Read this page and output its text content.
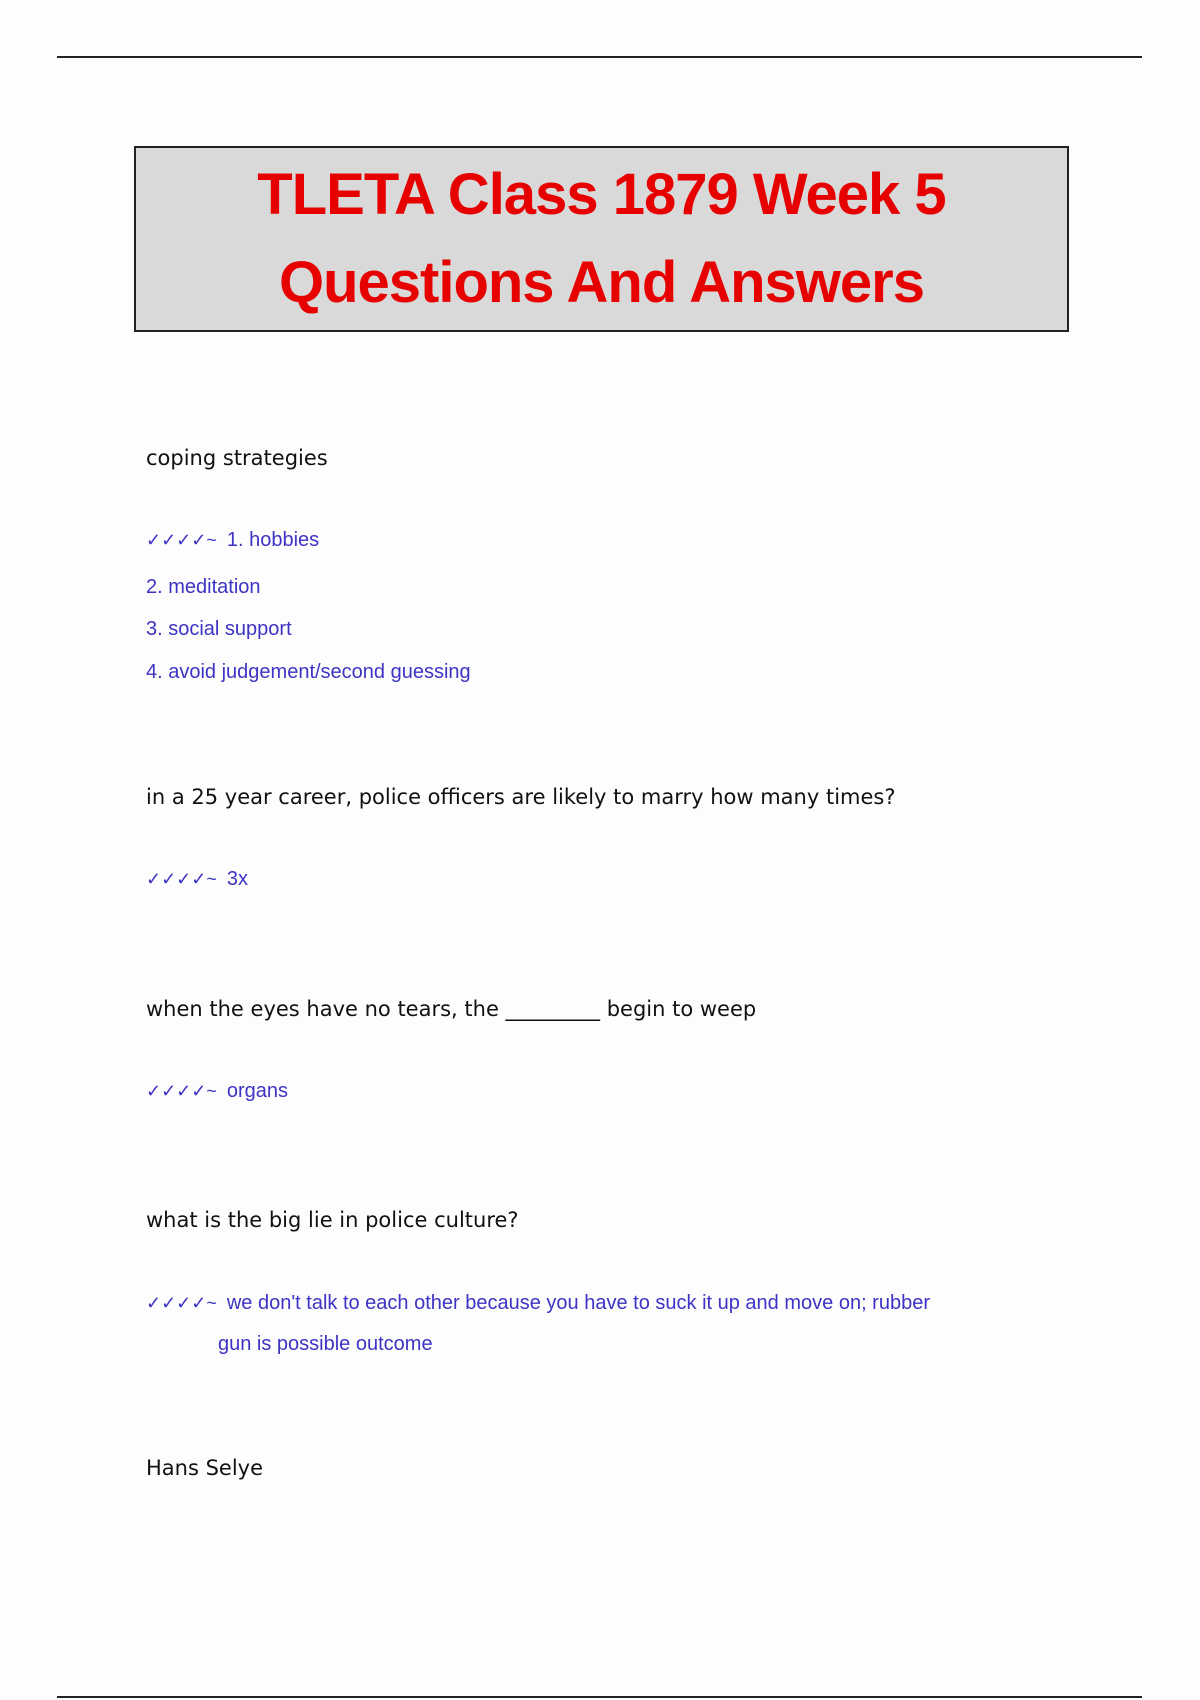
TLETA Class 1879 Week 5
Questions And Answers
coping strategies
✓✓✓✓~ 1. hobbies
2. meditation
3. social support
4. avoid judgement/second guessing
in a 25 year career, police officers are likely to marry how many times?
✓✓✓✓~ 3x
when the eyes have no tears, the _________ begin to weep
✓✓✓✓~ organs
what is the big lie in police culture?
✓✓✓✓~ we don't talk to each other because you have to suck it up and move on; rubber
gun is possible outcome
Hans Selye
